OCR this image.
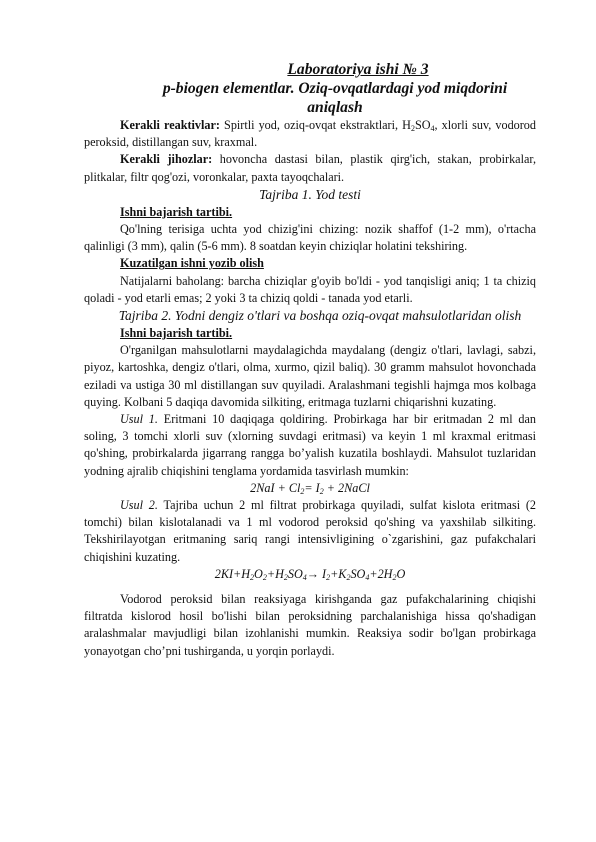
Laboratoriya ishi № 3
p-biogen elementlar. Oziq-ovqatlardagi yod miqdorini aniqlash

Kerakli reaktivlar: Spirtli yod, oziq-ovqat ekstraktlari, $H_2SO_4$, xlorli suv, vodorod peroksid, distillangan suv, kraxmal.

Kerakli jihozlar: hovoncha dastasi bilan, plastik qirg'ich, stakan, probirkalar, plitkalar, filtr qog'ozi, voronkalar, paxta tayoqchalari.

Tajriba 1. Yod testi

Ishni bajarish tartibi.

Qo'lning terisiga uchta yod chizig'ini chizing: nozik shaffof (1-2 mm), o'rtacha qalinligi (3 mm), qalin (5-6 mm). 8 soatdan keyin chiziqlar holatini tekshiring.

Kuzatilgan ishni yozib olish

Natijalarni baholang: barcha chiziqlar g'oyib bo'ldi - yod tanqisligi aniq; 1 ta chiziq qoladi - yod etarli emas; 2 yoki 3 ta chiziq qoldi - tanada yod etarli.

Tajriba 2. Yodni dengiz o'tlari va boshqa oziq-ovqat mahsulotlaridan olish

Ishni bajarish tartibi.

O'rganilgan mahsulotlarni maydalagichda maydalang (dengiz o'tlari, lavlagi, sabzi, piyoz, kartoshka, dengiz o'tlari, olma, xurmo, qizil baliq). 30 gramm mahsulot hovonchada eziladi va ustiga 30 ml distillangan suv quyiladi. Aralashmani tegishli hajmga mos kolbaga quying. Kolbani 5 daqiqa davomida silkiting, eritmaga tuzlarni chiqarishni kuzating.

Usul 1. Eritmani 10 daqiqaga qoldiring. Probirkaga har bir eritmadan 2 ml dan soling, 3 tomchi xlorli suv (xlorning suvdagi eritmasi) va keyin 1 ml kraxmal eritmasi qo'shing, probirkalarda jigarrang rangga bo’yalish kuzatila boshlaydi. Mahsulot tuzlaridan yodning ajralib chiqishini tenglama yordamida tasvirlash mumkin:

$2NaI + Cl_2= I_2$ + 2NaCl

Usul 2. Tajriba uchun 2 ml filtrat probirkaga quyiladi, sulfat kislota eritmasi (2 tomchi) bilan kislotalanadi va 1 ml vodorod peroksid qo'shing va yaxshilab silkiting. Tekshirilayotgan eritmaning sariq rangi intensivligining o`zgarishini, gaz pufakchalari chiqishini kuzating.

$2KI+H_2O_2+H_2SO_4\to I_2+K_2SO_4+2H_2O$

Vodorod peroksid bilan reaksiyaga kirishganda gaz pufakchalarining chiqishi filtratda kislorod hosil bo'lishi bilan peroksidning parchalanishiga hissa qo'shadigan aralashmalar mavjudligi bilan izohlanishi mumkin. Reaksiya sodir bo'lgan probirkaga yonayotgan cho’pni tushirganda, u yorqin porlaydi.
